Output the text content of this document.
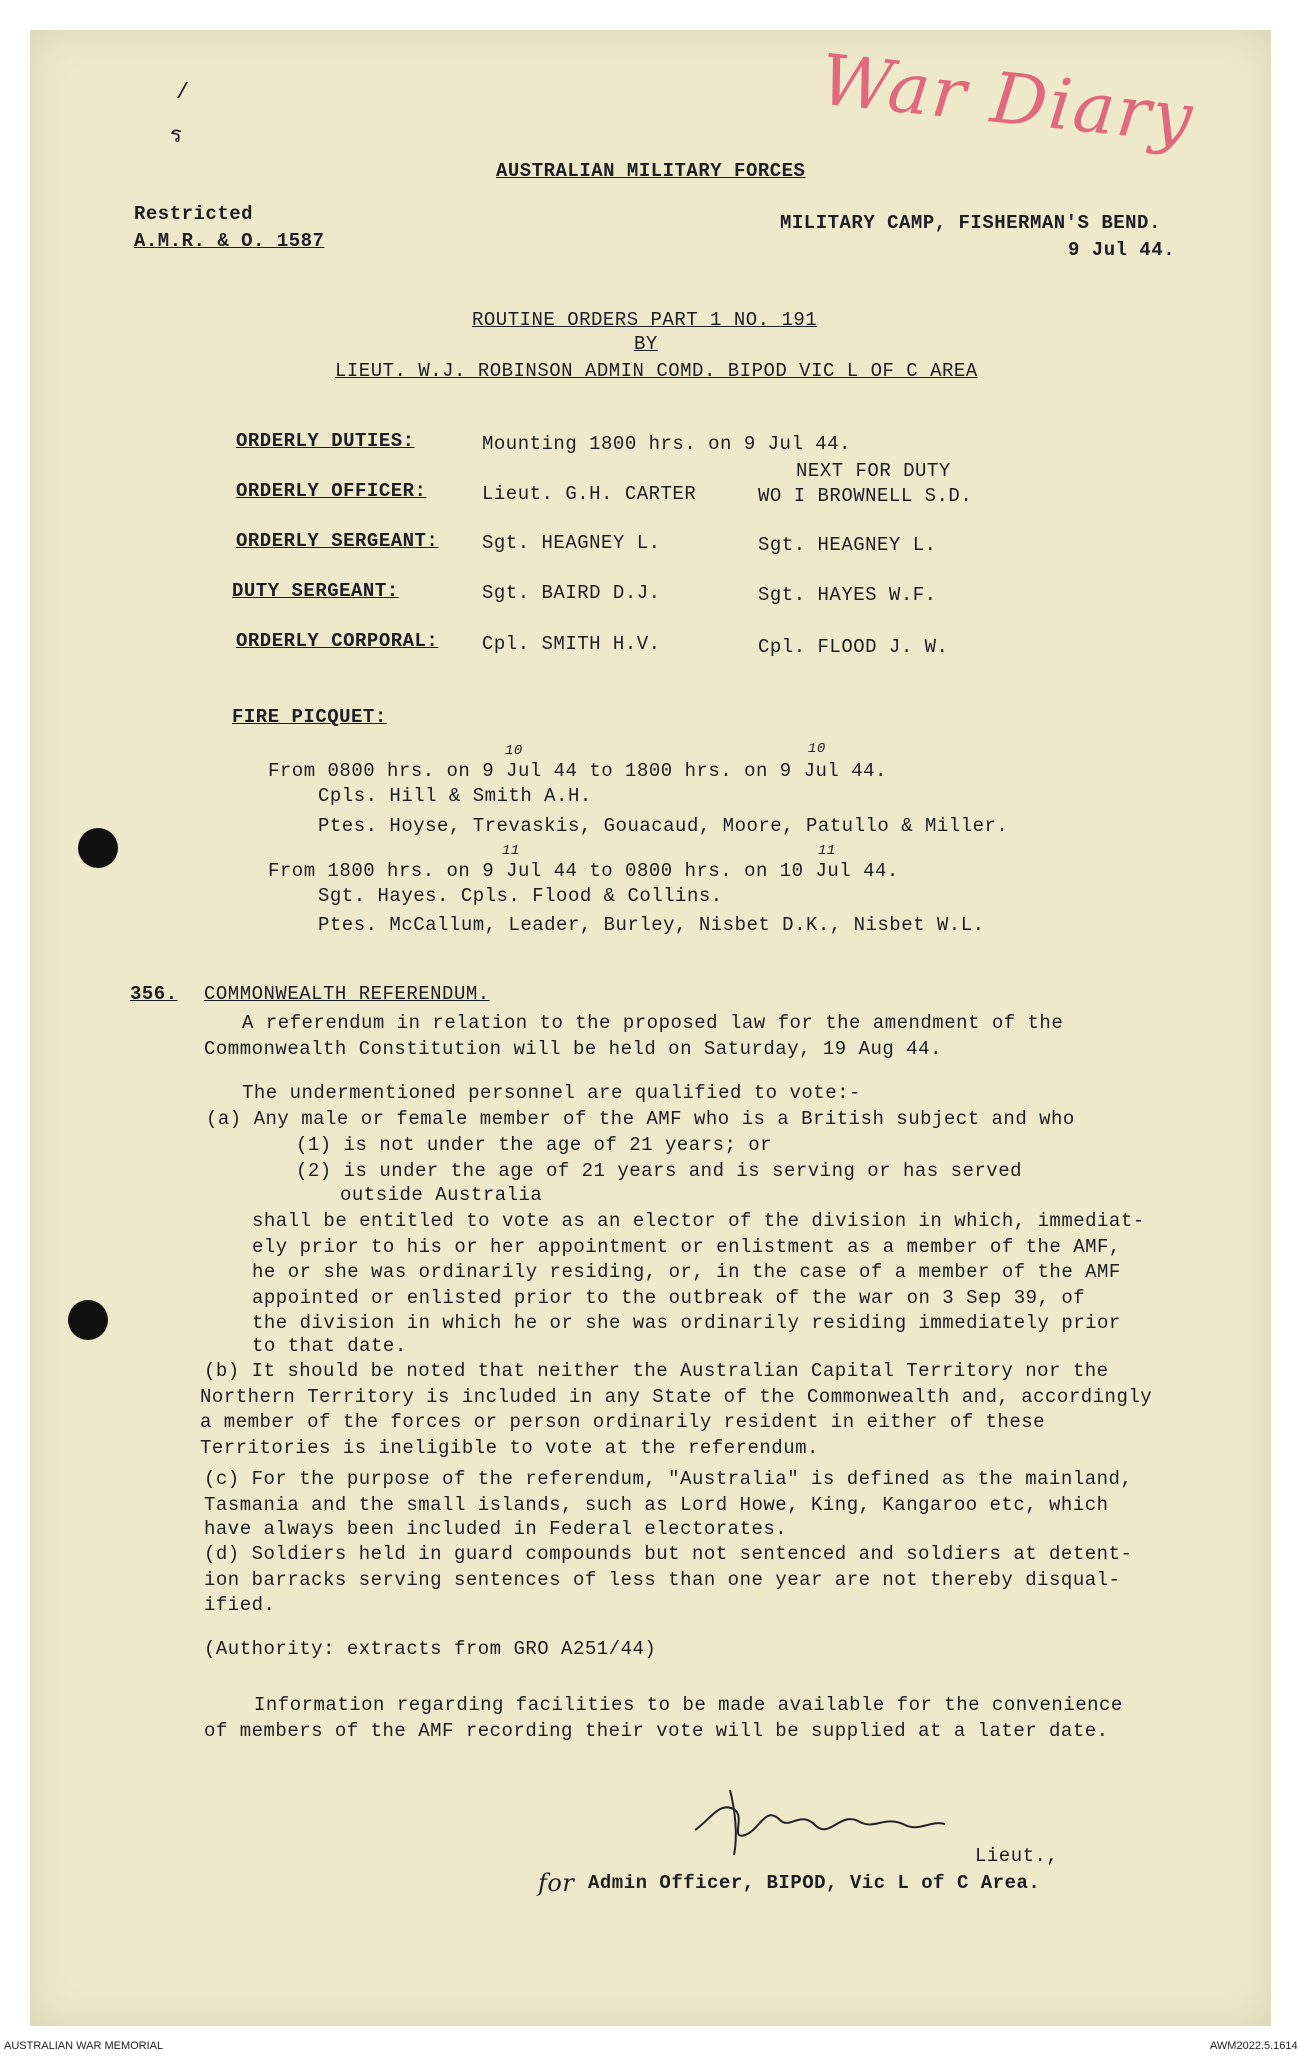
/
ร	War Diary
AUSTRALIAN MILITARY FORCES
Restricted
A.M.R. & O. 1587
MILITARY CAMP, FISHERMAN'S BEND.
9 Jul 44.
ROUTINE ORDERS PART 1 NO. 191
BY
LIEUT. W.J. ROBINSON ADMIN COMD. BIPOD VIC L OF C AREA
NEXT FOR DUTY
ORDERLY DUTIES:	Mounting 1800 hrs. on 9 Jul 44.
ORDERLY OFFICER:	Lieut. G.H. CARTER	WO I BROWNELL S.D.
ORDERLY SERGEANT: Sgt. HEAGNEY L.	Sgt. HEAGNEY L.
DUTY SERGEANT:	Sgt. BAIRD D.J.	Sgt. HAYES W.F.
ORDERLY CORPORAL: Cpl. SMITH H.V.	Cpl. FLOOD J. W.
FIRE PICQUET:
10	10
From 0800 hrs. on 9 Jul 44 to 1800 hrs. on 9 Jul 44.
Cpls. Hill & Smith A.H.
Ptes. Hoyse, Trevaskis, Gouacaud, Moore, Patullo & Miller.
11	11
From 1800 hrs. on 9 Jul 44 to 0800 hrs. on 10 Jul 44.
Sgt. Hayes. Cpls. Flood & Collins.
Ptes. McCallum, Leader, Burley, Nisbet D.K., Nisbet W.L.
356. COMMONWEALTH REFERENDUM.
A referendum in relation to the proposed law for the amendment of the
Commonwealth Constitution will be held on Saturday, 19 Aug 44.
The undermentioned personnel are qualified to vote:-
(a) Any male or female member of the AMF who is a British subject and who
(1) is not under the age of 21 years; or
(2) is under the age of 21 years and is serving or has served
outside Australia
shall be entitled to vote as an elector of the division in which, immediat-
ely prior to his or her appointment or enlistment as a member of the AMF,
he or she was ordinarily residing, or, in the case of a member of the AMF
appointed or enlisted prior to the outbreak of the war on 3 Sep 39, of
the division in which he or she was ordinarily residing immediately prior
to that date.
(b) It should be noted that neither the Australian Capital Territory nor the
Northern Territory is included in any State of the Commonwealth and, accordingly
a member of the forces or person ordinarily resident in either of these
Territories is ineligible to vote at the referendum.
(c) For the purpose of the referendum, "Australia" is defined as the mainland,
Tasmania and the small islands, such as Lord Howe, King, Kangaroo etc, which
have always been included in Federal electorates.
(d) Soldiers held in guard compounds but not sentenced and soldiers at detent-
ion barracks serving sentences of less than one year are not thereby disqual-
ified.
(Authority: extracts from GRO A251/44)
Information regarding facilities to be made available for the convenience
of members of the AMF recording their vote will be supplied at a later date.
Lieut.,
for Admin Officer, BIPOD, Vic L of C Area.
AUSTRALIAN WAR MEMORIAL	AWM2022.5.1614
